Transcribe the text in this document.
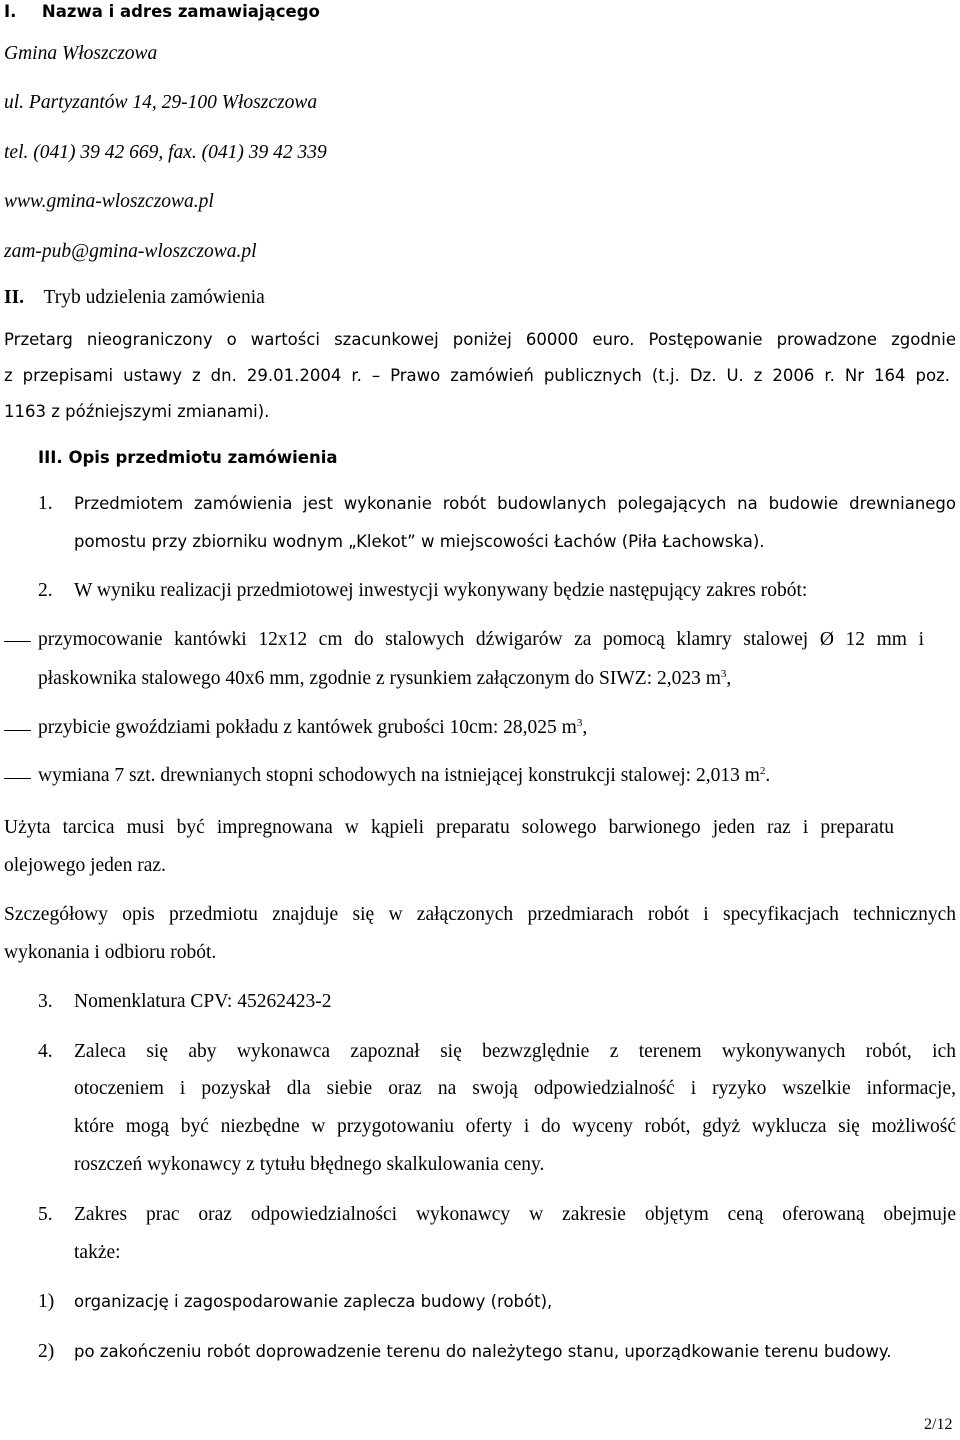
I. Nazwa i adres zamawiającego
Gmina Włoszczowa
ul. Partyzantów 14, 29-100 Włoszczowa
tel. (041) 39 42 669, fax. (041) 39 42 339
www.gmina-wloszczowa.pl
zam-pub@gmina-wloszczowa.pl
II. Tryb udzielenia zamówienia
Przetarg nieograniczony o wartości szacunkowej poniżej 60000 euro. Postępowanie prowadzone zgodnie
z przepisami ustawy z dn. 29.01.2004 r. – Prawo zamówień publicznych (t.j. Dz. U. z 2006 r. Nr 164 poz.
1163 z późniejszymi zmianami).
III. Opis przedmiotu zamówienia
1. Przedmiotem zamówienia jest wykonanie robót budowlanych polegających na budowie drewnianego
pomostu przy zbiorniku wodnym „Klekot” w miejscowości Łachów (Piła Łachowska).
2. W wyniku realizacji przedmiotowej inwestycji wykonywany będzie następujący zakres robót:
przymocowanie kantówki 12x12 cm do stalowych dźwigarów za pomocą klamry stalowej Ø 12 mm i
płaskownika stalowego 40x6 mm, zgodnie z rysunkiem załączonym do SIWZ: 2,023 $m^3$,
przybicie gwoździami pokładu z kantówek grubości 10cm: 28,025 $m^3$,
wymiana 7 szt. drewnianych stopni schodowych na istniejącej konstrukcji stalowej: 2,013 $m^2$.
Użyta tarcica musi być impregnowana w kąpieli preparatu solowego barwionego jeden raz i preparatu
olejowego jeden raz.
Szczegółowy opis przedmiotu znajduje się w załączonych przedmiarach robót i specyfikacjach technicznych
wykonania i odbioru robót.
3. Nomenklatura CPV: 45262423-2
4. Zaleca się aby wykonawca zapoznał się bezwzględnie z terenem wykonywanych robót, ich
otoczeniem i pozyskał dla siebie oraz na swoją odpowiedzialność i ryzyko wszelkie informacje,
które mogą być niezbędne w przygotowaniu oferty i do wyceny robót, gdyż wyklucza się możliwość
roszczeń wykonawcy z tytułu błędnego skalkulowania ceny.
5. Zakres prac oraz odpowiedzialności wykonawcy w zakresie objętym ceną oferowaną obejmuje
także:
1) organizację i zagospodarowanie zaplecza budowy (robót),
2) po zakończeniu robót doprowadzenie terenu do należytego stanu, uporządkowanie terenu budowy.
2/12
